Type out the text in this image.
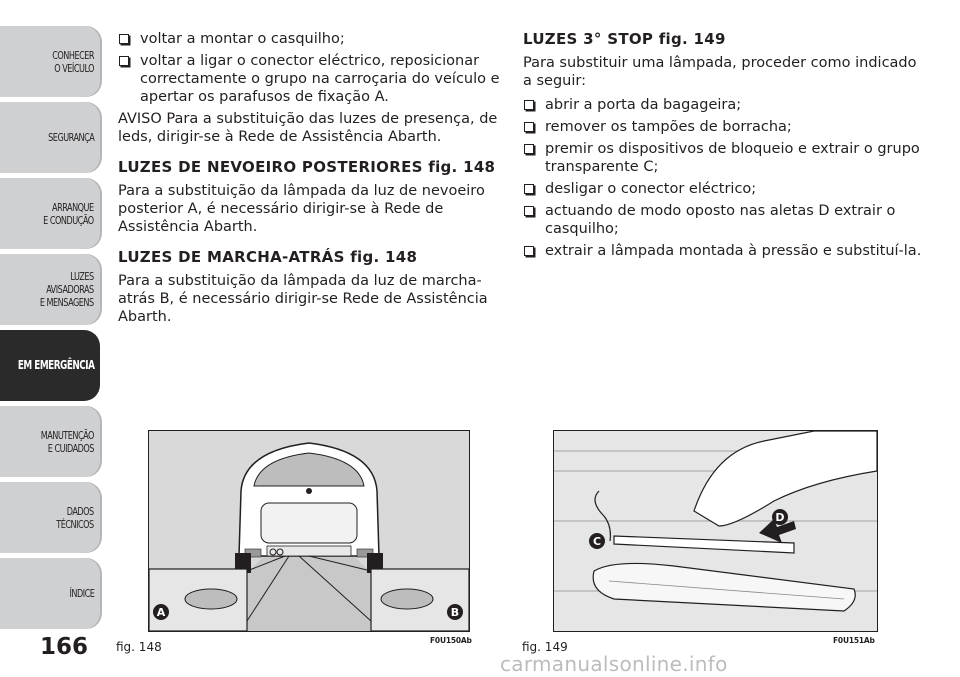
CONHECER
O VEÍCULO
SEGURANÇA
ARRANQUE
E CONDUÇÃO
LUZES
AVISADORAS
E MENSAGENS
EM EMERGÊNCIA
MANUTENÇÃO
E CUIDADOS
DADOS
TÉCNICOS
ÍNDICE
166
voltar a montar o casquilho;
voltar a ligar o conector eléctrico, reposicionar correctamente o grupo na carroçaria do veículo e apertar os parafusos de fixação A.
AVISO Para a substituição das luzes de presença, de leds, dirigir-se à Rede de Assistência Abarth.
LUZES DE NEVOEIRO POSTERIORES fig. 148
Para a substituição da lâmpada da luz de nevoeiro posterior A, é necessário dirigir-se à Rede de Assistência Abarth.
LUZES DE MARCHA-ATRÁS fig. 148
Para a substituição da lâmpada da luz de marcha-atrás B, é necessário dirigir-se Rede de Assistência Abarth.
LUZES 3° STOP fig. 149
Para substituir uma lâmpada, proceder como indicado a seguir:
abrir a porta da bagageira;
remover os tampões de borracha;
premir os dispositivos de bloqueio e extrair o grupo transparente C;
desligar o conector eléctrico;
actuando de modo oposto nas aletas D extrair o casquilho;
extrair a lâmpada montada à pressão e substituí-la.
A	B
fig. 148	F0U150Ab
C
D
fig. 149	F0U151Ab
carmanualsonline.info
